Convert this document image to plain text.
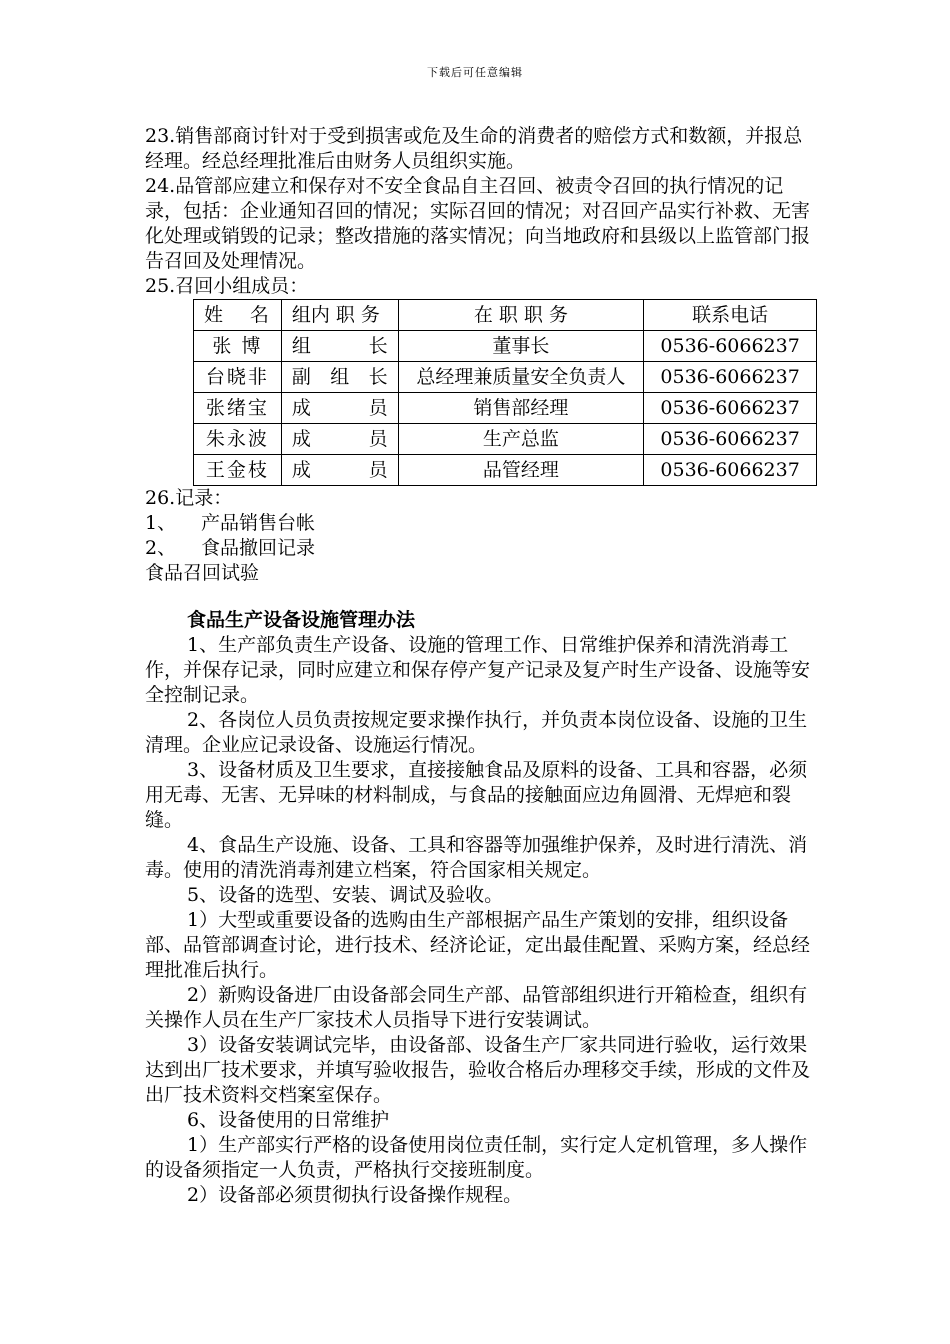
下载后可任意编辑

23.销售部商讨针对于受到损害或危及生命的消费者的赔偿方式和数额，并报总经理。经总经理批准后由财务人员组织实施。

24.品管部应建立和保存对不安全食品自主召回、被责令召回的执行情况的记录，包括：企业通知召回的情况；实际召回的情况；对召回产品实行补救、无害化处理或销毁的记录；整改措施的落实情况；向当地政府和县级以上监管部门报告召回及处理情况。

25.召回小组成员：

姓 名	组内 职 务	在 职 职 务	联系电话
张 博	组 长	董事长	0536-6066237
台晓非	副 组 长	总经理兼质量安全负责人	0536-6066237
张绪宝	成 员	销售部经理	0536-6066237
朱永波	成 员	生产总监	0536-6066237
王金枝	成 员	品管经理	0536-6066237

26.记录：

1、	产品销售台帐
2、	食品撤回记录

食品召回试验

食品生产设备设施管理办法

1、生产部负责生产设备、设施的管理工作、日常维护保养和清洗消毒工作，并保存记录，同时应建立和保存停产复产记录及复产时生产设备、设施等安全控制记录。

2、各岗位人员负责按规定要求操作执行，并负责本岗位设备、设施的卫生清理。企业应记录设备、设施运行情况。

3、设备材质及卫生要求，直接接触食品及原料的设备、工具和容器，必须用无毒、无害、无异味的材料制成，与食品的接触面应边角圆滑、无焊疤和裂缝。

4、食品生产设施、设备、工具和容器等加强维护保养，及时进行清洗、消毒。使用的清洗消毒剂建立档案，符合国家相关规定。

5、设备的选型、安装、调试及验收。

1）大型或重要设备的选购由生产部根据产品生产策划的安排，组织设备部、品管部调查讨论，进行技术、经济论证，定出最佳配置、采购方案，经总经理批准后执行。

2）新购设备进厂由设备部会同生产部、品管部组织进行开箱检查，组织有关操作人员在生产厂家技术人员指导下进行安装调试。

3）设备安装调试完毕，由设备部、设备生产厂家共同进行验收，运行效果达到出厂技术要求，并填写验收报告，验收合格后办理移交手续，形成的文件及出厂技术资料交档案室保存。

6、设备使用的日常维护

1）生产部实行严格的设备使用岗位责任制，实行定人定机管理，多人操作的设备须指定一人负责，严格执行交接班制度。

2）设备部必须贯彻执行设备操作规程。
